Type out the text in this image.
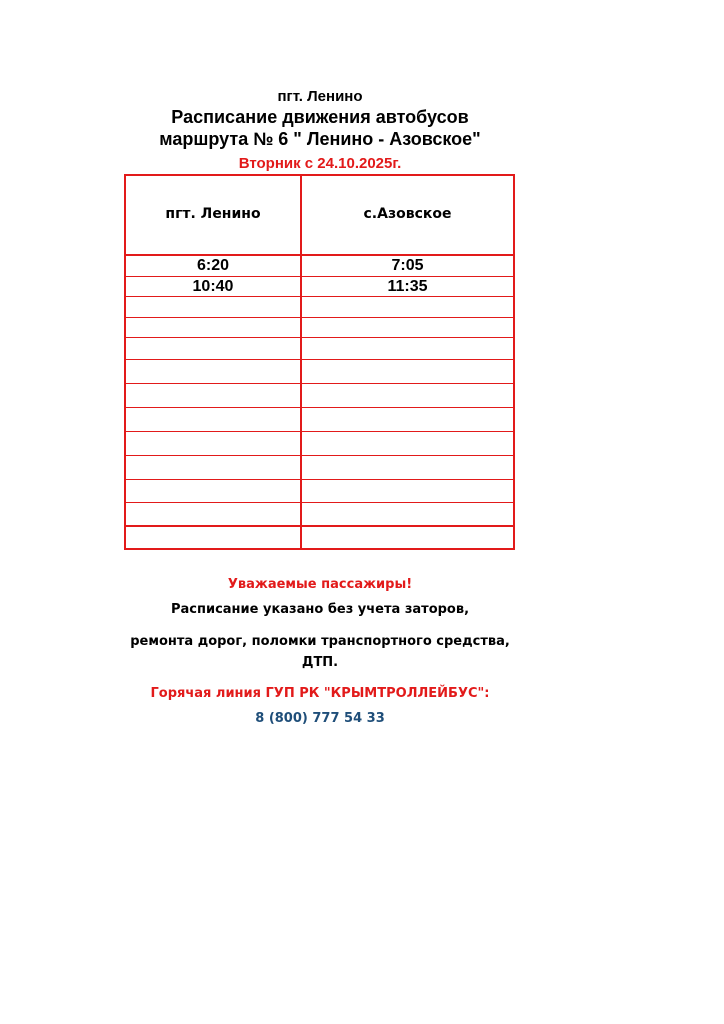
пгт. Ленино
Расписание движения автобусов
маршрута № 6 " Ленино - Азовское"
Вторник с 24.10.2025г.
пгт. Ленино	с.Азовское
6:20	7:05
10:40	11:35
Уважаемые пассажиры!
Расписание указано без учета заторов,
ремонта дорог, поломки транспортного средства,
ДТП.
Горячая линия ГУП РК "КРЫМТРОЛЛЕЙБУС":
8 (800) 777 54 33
